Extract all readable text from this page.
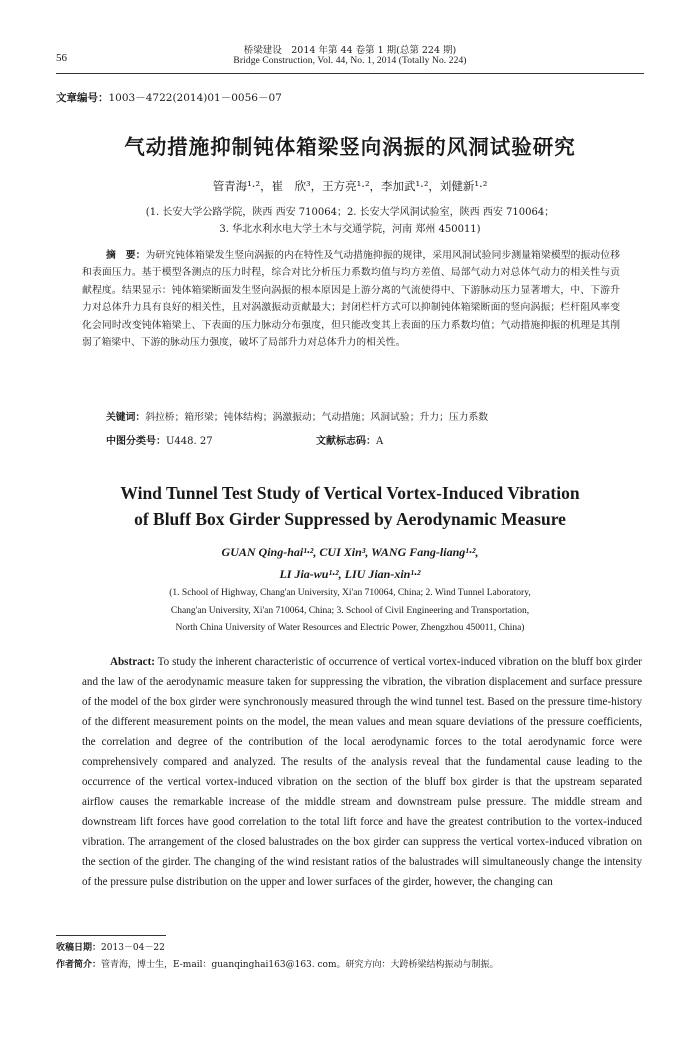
56
桥梁建设　2014 年第 44 卷第 1 期(总第 224 期)
Bridge Construction, Vol. 44, No. 1, 2014 (Totally No. 224)
文章编号：1003－4722(2014)01－0056－07
气动措施抑制钝体箱梁竖向涡振的风洞试验研究
管青海¹·²，崔　欣³，王方亮¹·²，李加武¹·²，刘健新¹·²
(1. 长安大学公路学院，陕西 西安 710064；2. 长安大学风洞试验室，陕西 西安 710064；
3. 华北水利水电大学土木与交通学院，河南 郑州 450011)
摘　要：为研究钝体箱梁发生竖向涡振的内在特性及气动措施抑振的规律，采用风洞试验同步测量箱梁模型的振动位移和表面压力。基于模型各测点的压力时程，综合对比分析压力系数均值与均方差值、局部气动力对总体气动力的相关性与贡献程度。结果显示：钝体箱梁断面发生竖向涡振的根本原因是上游分离的气流使得中、下游脉动压力显著增大，中、下游升力对总体升力具有良好的相关性，且对涡激振动贡献最大；封闭栏杆方式可以抑制钝体箱梁断面的竖向涡振；栏杆阻风率变化会同时改变钝体箱梁上、下表面的压力脉动分布强度，但只能改变其上表面的压力系数均值；气动措施抑振的机理是其削弱了箱梁中、下游的脉动压力强度，破坏了局部升力对总体升力的相关性。
关键词：斜拉桥；箱形梁；钝体结构；涡激振动；气动措施；风洞试验；升力；压力系数
中图分类号：U448. 27	文献标志码：A
Wind Tunnel Test Study of Vertical Vortex-Induced Vibration
of Bluff Box Girder Suppressed by Aerodynamic Measure
GUAN Qing-hai¹·², CUI Xin³, WANG Fang-liang¹·²,
LI Jia-wu¹·², LIU Jian-xin¹·²
(1. School of Highway, Chang'an University, Xi'an 710064, China; 2. Wind Tunnel Laboratory,
Chang'an University, Xi'an 710064, China; 3. School of Civil Engineering and Transportation,
North China University of Water Resources and Electric Power, Zhengzhou 450011, China)
Abstract: To study the inherent characteristic of occurrence of vertical vortex-induced vibration on the bluff box girder and the law of the aerodynamic measure taken for suppressing the vibration, the vibration displacement and surface pressure of the model of the box girder were synchronously measured through the wind tunnel test. Based on the pressure time-history of the different measurement points on the model, the mean values and mean square deviations of the pressure coefficients, the correlation and degree of the contribution of the local aerodynamic forces to the total aerodynamic force were comprehensively compared and analyzed. The results of the analysis reveal that the fundamental cause leading to the occurrence of the vertical vortex-induced vibration on the section of the bluff box girder is that the upstream separated airflow causes the remarkable increase of the middle stream and downstream pulse pressure. The middle stream and downstream lift forces have good correlation to the total lift force and have the greatest contribution to the vortex-induced vibration. The arrangement of the closed balustrades on the box girder can suppress the vertical vortex-induced vibration on the section of the girder. The changing of the wind resistant ratios of the balustrades will simultaneously change the intensity of the pressure pulse distribution on the upper and lower surfaces of the girder, however, the changing can
收稿日期：2013－04－22
作者简介：管青海，博士生，E-mail：guanqinghai163@163. com。研究方向：大跨桥梁结构振动与制振。
